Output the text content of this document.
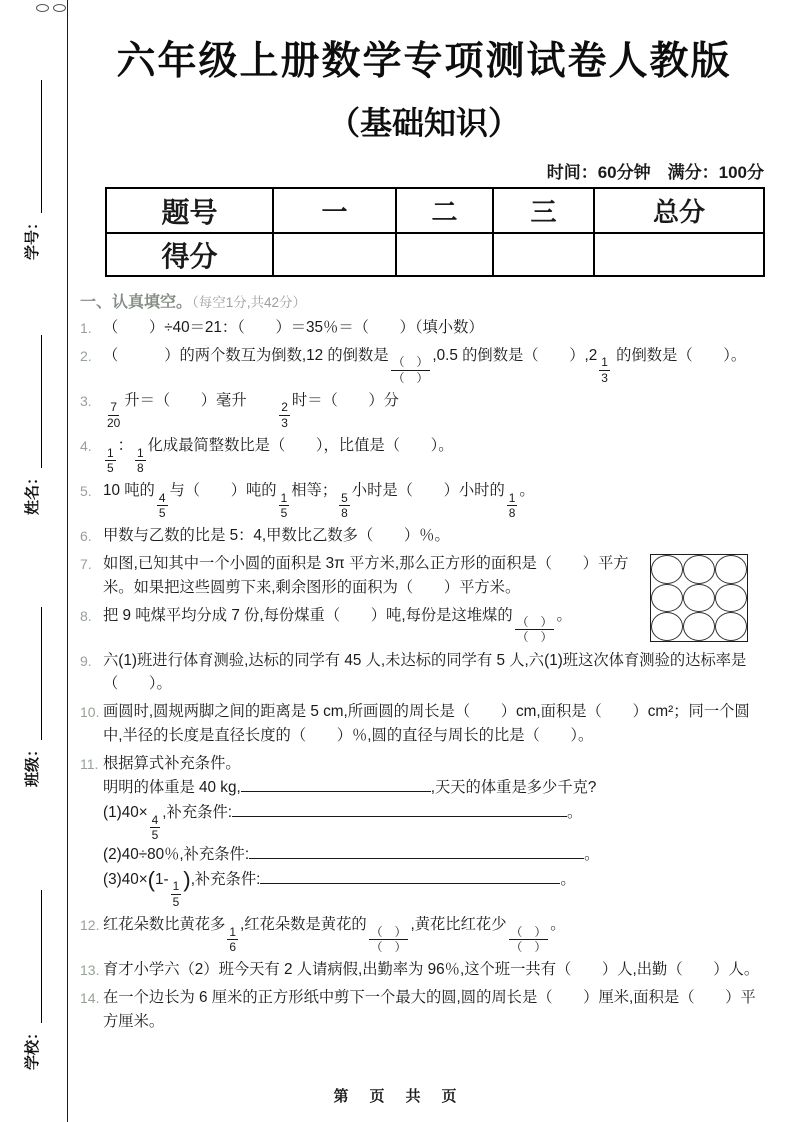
学号：
姓名：
班级：
学校：
六年级上册数学专项测试卷人教版
（基础知识）
时间：60分钟　满分：100分
题号	一	二	三	总分
得分				
一、认真填空。（每空1分,共42分）
1. （　　）÷40＝21：（　　）＝35％＝（　　）（填小数）
2. （　　　）的两个数互为倒数,12 的倒数是
$\frac{( )}{( )}$
,0.5 的倒数是（　　）,2
$\frac{1}{3}$
的倒数是（　　）。
3. $\frac{7}{20}$
升＝（　　）毫升　　
$\frac{2}{3}$
时＝（　　）分
4. $\frac{1}{5}$
：
$\frac{1}{8}$
化成最简整数比是（　　），比值是（　　）。
5. 10 吨的
$\frac{4}{5}$
与（　　）吨的
$\frac{1}{5}$
相等；
$\frac{5}{8}$
小时是（　　）小时的
$\frac{1}{8}$
。
6. 甲数与乙数的比是 5：4,甲数比乙数多（　　）％。
7. 如图,已知其中一个小圆的面积是 3π 平方米,那么正方形的面积是（　　）平方米。如果把这些圆剪下来,剩余图形的面积为（　　）平方米。
8. 把 9 吨煤平均分成 7 份,每份煤重（　　）吨,每份是这堆煤的
$\frac{( )}{( )}$
。
9. 六(1)班进行体育测验,达标的同学有 45 人,未达标的同学有 5 人,六(1)班这次体育测验的达标率是（　　）。
10. 画圆时,圆规两脚之间的距离是 5 cm,所画圆的周长是（　　）cm,面积是（　　）cm²；同一个圆中,半径的长度是直径长度的（　　）％,圆的直径与周长的比是（　　）。
11. 根据算式补充条件。
明明的体重是 40 kg,	,天天的体重是多少千克?
(1)40×
$\frac{4}{5}$
,补充条件:	。
(2)40÷80％,补充条件:	。
(3)40×(1-
$\frac{1}{5}$
),补充条件:	。
12. 红花朵数比黄花多
$\frac{1}{6}$
,红花朵数是黄花的
$\frac{( )}{( )}$
,黄花比红花少
$\frac{( )}{( )}$
。
13. 育才小学六（2）班今天有 2 人请病假,出勤率为 96％,这个班一共有（　　）人,出勤（　　）人。
14. 在一个边长为 6 厘米的正方形纸中剪下一个最大的圆,圆的周长是（　　）厘米,面积是（　　）平方厘米。
第　页　共　页
